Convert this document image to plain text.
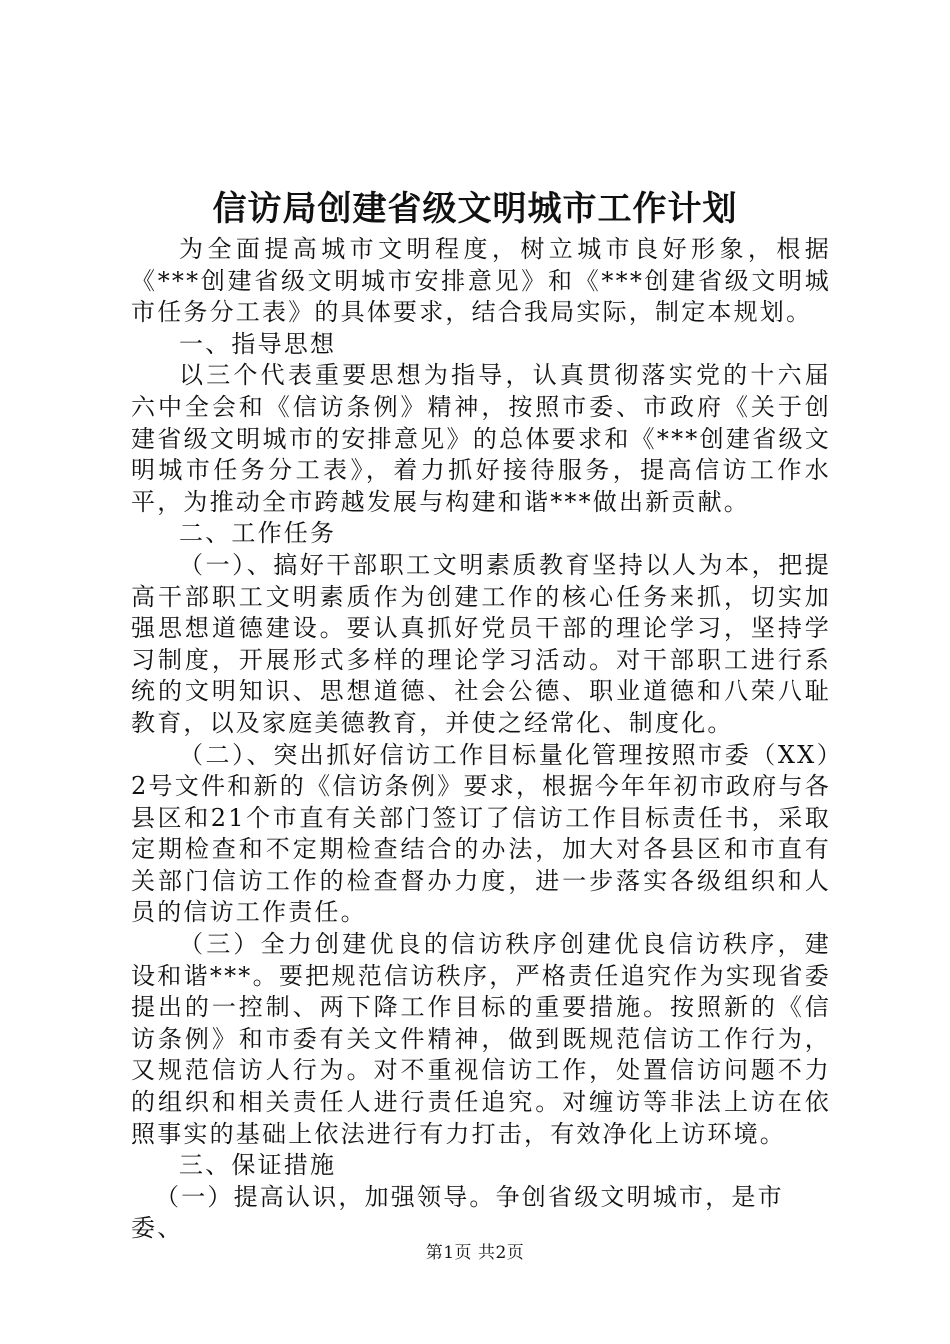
信访局创建省级文明城市工作计划

为全面提高城市文明程度，树立城市良好形象，根据《***创建省级文明城市安排意见》和《***创建省级文明城市任务分工表》的具体要求，结合我局实际，制定本规划。

一、指导思想

以三个代表重要思想为指导，认真贯彻落实党的十六届六中全会和《信访条例》精神，按照市委、市政府《关于创建省级文明城市的安排意见》的总体要求和《***创建省级文明城市任务分工表》，着力抓好接待服务，提高信访工作水平，为推动全市跨越发展与构建和谐***做出新贡献。

二、工作任务

（一）、搞好干部职工文明素质教育坚持以人为本，把提高干部职工文明素质作为创建工作的核心任务来抓，切实加强思想道德建设。要认真抓好党员干部的理论学习，坚持学习制度，开展形式多样的理论学习活动。对干部职工进行系统的文明知识、思想道德、社会公德、职业道德和八荣八耻教育，以及家庭美德教育，并使之经常化、制度化。

（二）、突出抓好信访工作目标量化管理按照市委（XX）2号文件和新的《信访条例》要求，根据今年年初市政府与各县区和21个市直有关部门签订了信访工作目标责任书，采取定期检查和不定期检查结合的办法，加大对各县区和市直有关部门信访工作的检查督办力度，进一步落实各级组织和人员的信访工作责任。

（三）全力创建优良的信访秩序创建优良信访秩序，建设和谐***。要把规范信访秩序，严格责任追究作为实现省委提出的一控制、两下降工作目标的重要措施。按照新的《信访条例》和市委有关文件精神，做到既规范信访工作行为，又规范信访人行为。对不重视信访工作，处置信访问题不力的组织和相关责任人进行责任追究。对缠访等非法上访在依照事实的基础上依法进行有力打击，有效净化上访环境。

三、保证措施

（一）提高认识，加强领导。争创省级文明城市，是市委、

第1页 共2页
